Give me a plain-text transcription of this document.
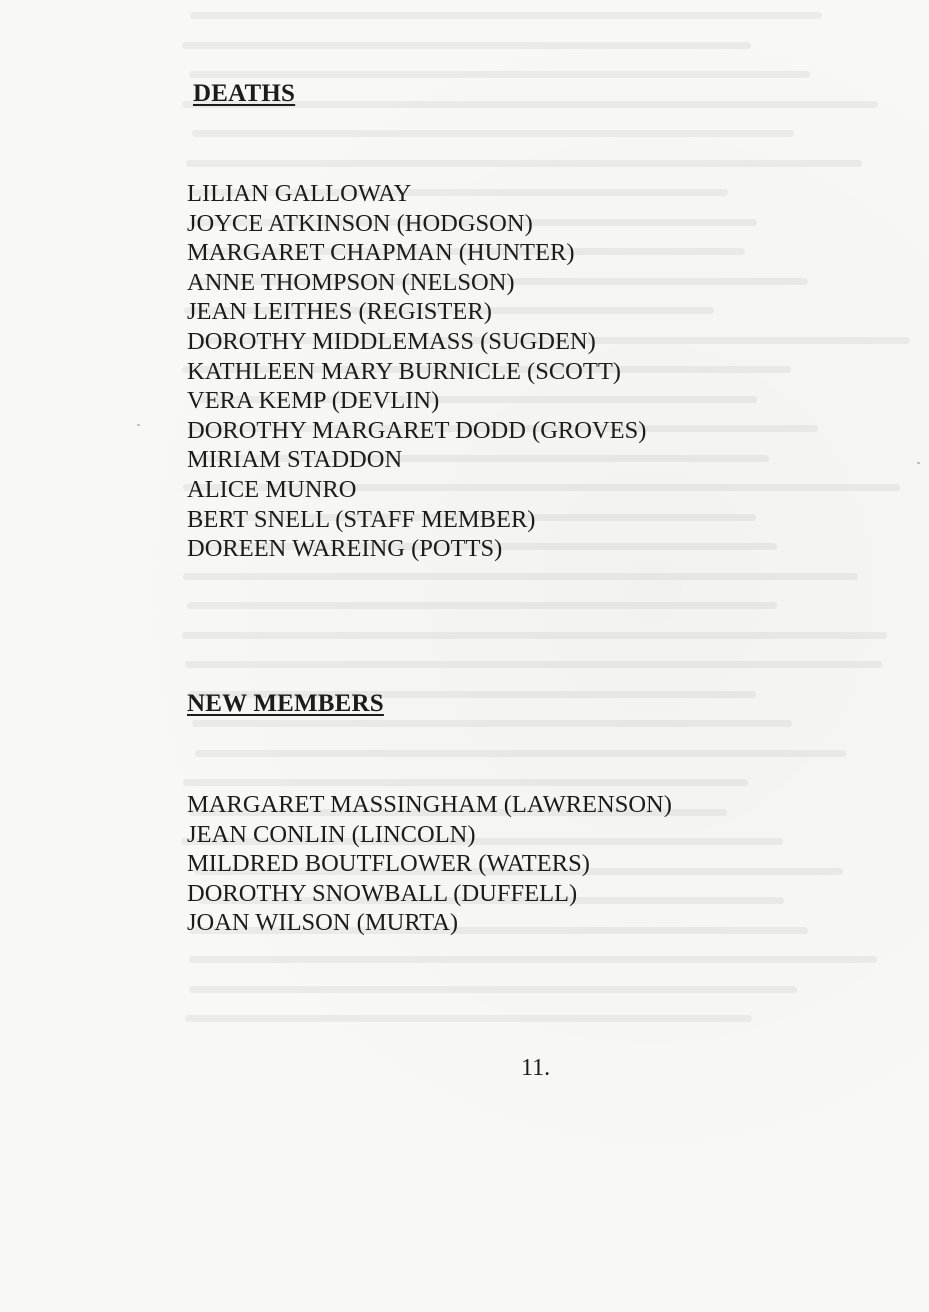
DEATHS
LILIAN GALLOWAY
JOYCE ATKINSON (HODGSON)
MARGARET CHAPMAN (HUNTER)
ANNE THOMPSON (NELSON)
JEAN LEITHES (REGISTER)
DOROTHY MIDDLEMASS (SUGDEN)
KATHLEEN MARY BURNICLE (SCOTT)
VERA KEMP (DEVLIN)
DOROTHY MARGARET DODD (GROVES)
MIRIAM STADDON
ALICE MUNRO
BERT SNELL (STAFF MEMBER)
DOREEN WAREING (POTTS)
NEW MEMBERS
MARGARET MASSINGHAM (LAWRENSON)
JEAN CONLIN (LINCOLN)
MILDRED BOUTFLOWER (WATERS)
DOROTHY SNOWBALL (DUFFELL)
JOAN WILSON (MURTA)
11.
